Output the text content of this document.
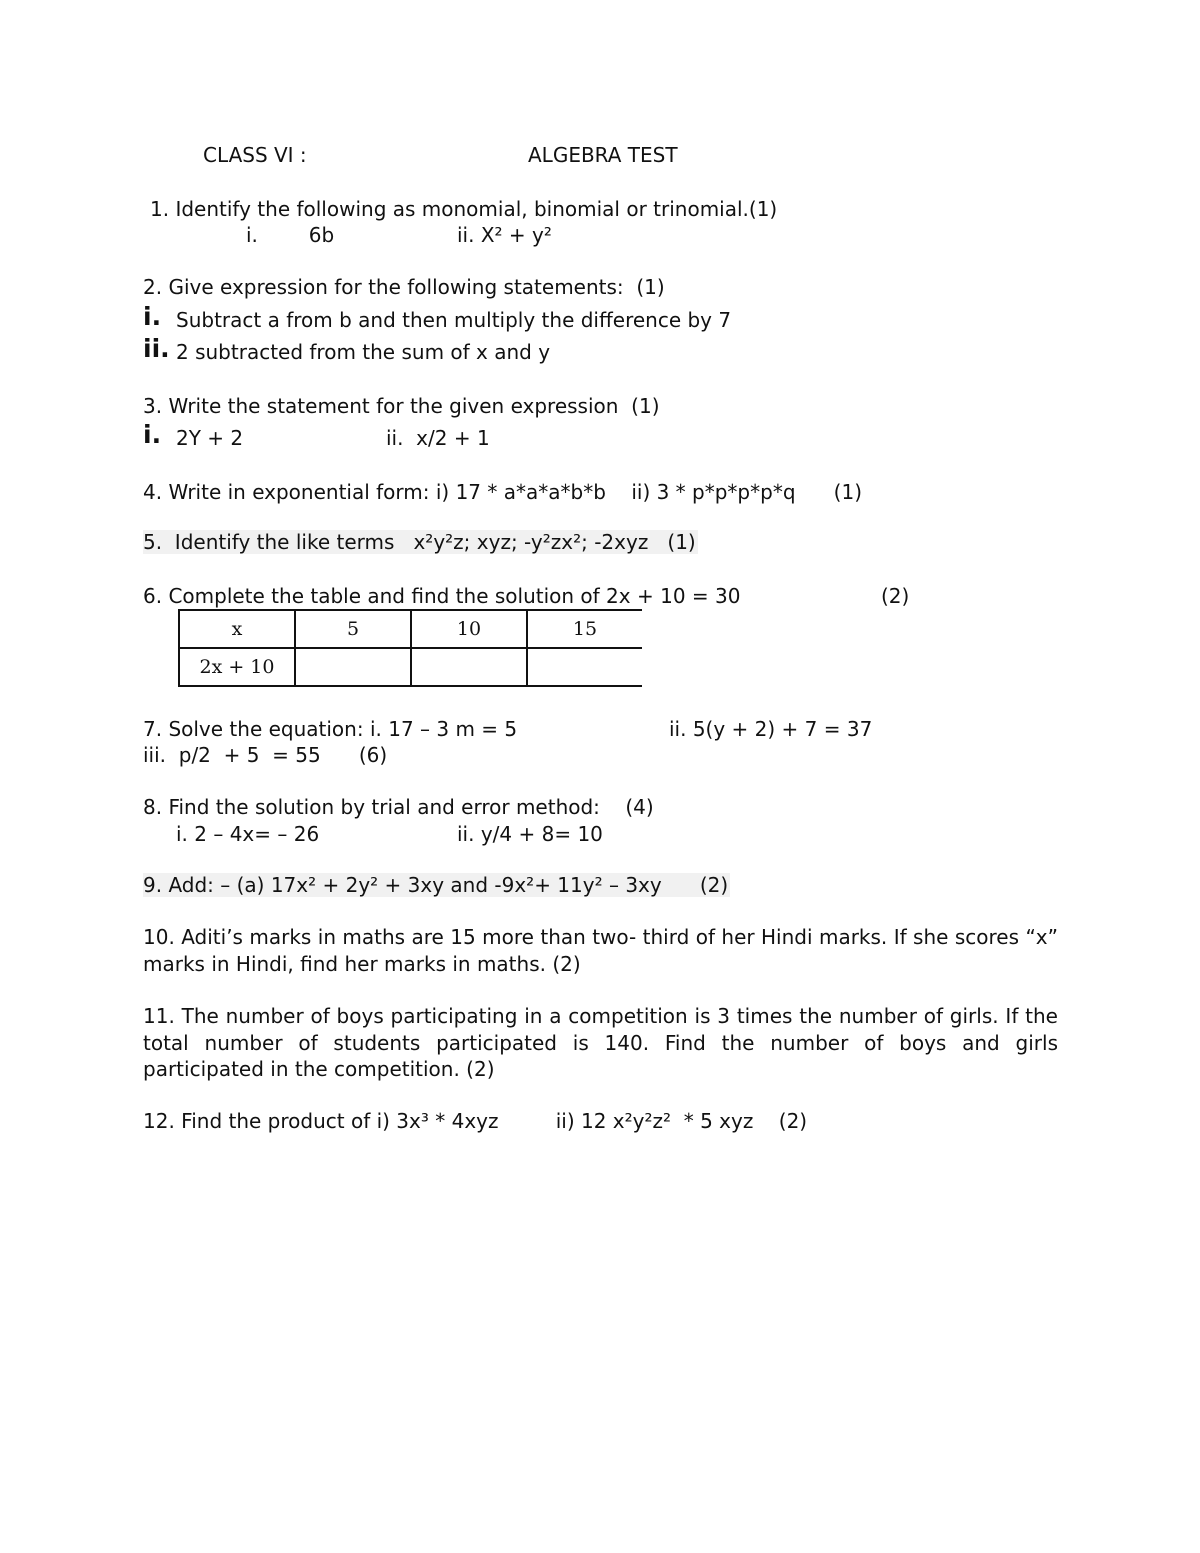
CLASS VI :	ALGEBRA TEST
1. Identify the following as monomial, binomial or trinomial.(1)
i.        6b	ii. X² + y²
2. Give expression for the following statements:  (1)
i. Subtract a from b and then multiply the difference by 7
ii. 2 subtracted from the sum of x and y
3. Write the statement for the given expression  (1)
i. 2Y + 2	ii.  x/2 + 1
4. Write in exponential form: i) 17 * a*a*a*b*b    ii) 3 * p*p*p*p*q      (1)
5.  Identify the like terms   x²y²z; xyz; -y²zx²; -2xyz   (1)
6. Complete the table and find the solution of 2x + 10 = 30	(2)
x	5	10	15
2x + 10			
7. Solve the equation: i. 17 – 3 m = 5	ii. 5(y + 2) + 7 = 37
iii.  p/2  + 5  = 55      (6)
8. Find the solution by trial and error method:    (4)
i. 2 – 4x= – 26	ii. y/4 + 8= 10
9. Add: – (a) 17x² + 2y² + 3xy and -9x²+ 11y² – 3xy      (2)
10. Aditi’s marks in maths are 15 more than two- third of her Hindi marks. If she scores “x” marks in Hindi, find her marks in maths. (2)
11. The number of boys participating in a competition is 3 times the number of girls. If the total number of students participated is 140. Find the number of boys and girls participated in the competition. (2)
12. Find the product of i) 3x³ * 4xyz         ii) 12 x²y²z²  * 5 xyz    (2)
